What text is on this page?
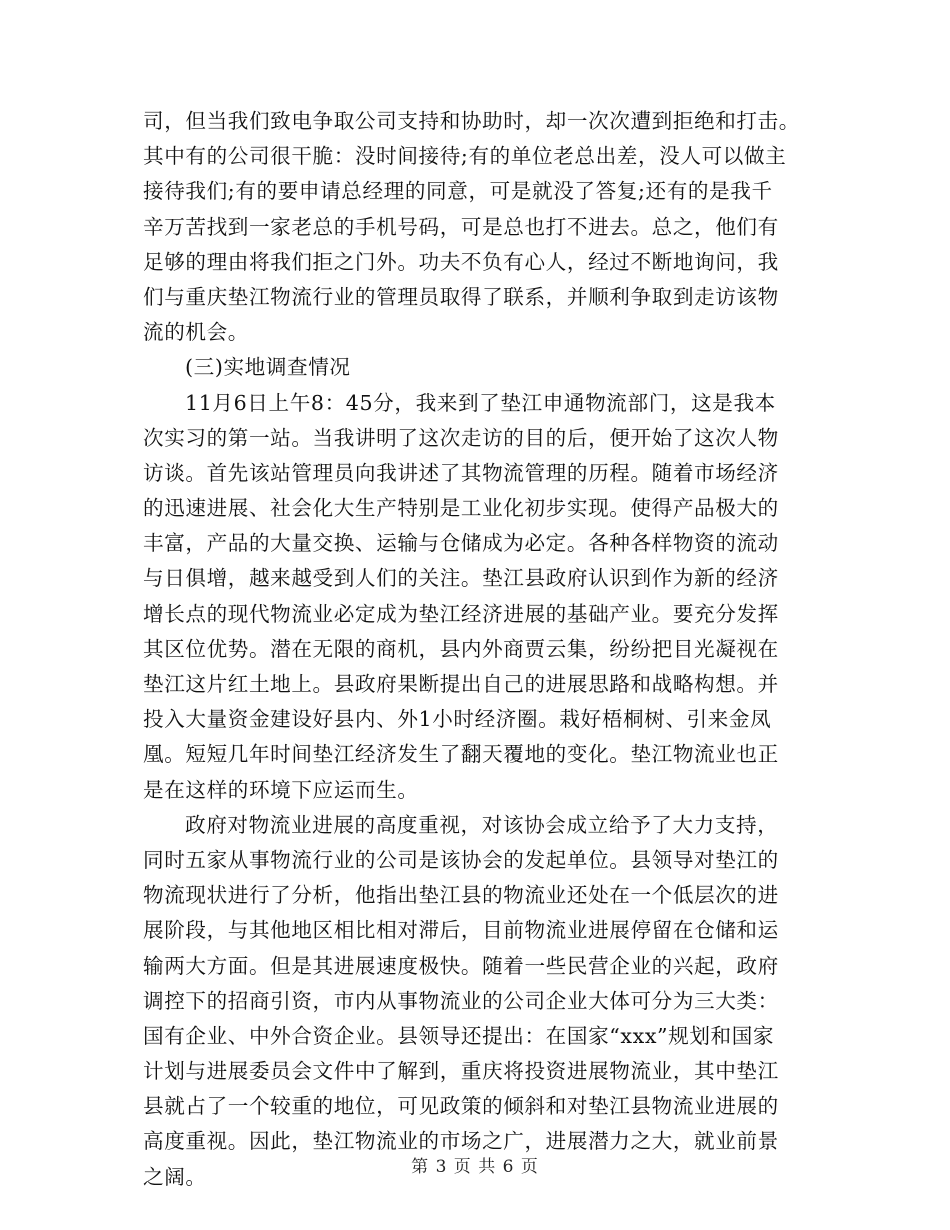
司，但当我们致电争取公司支持和协助时，却一次次遭到拒绝和打击。
其中有的公司很干脆：没时间接待;有的单位老总出差，没人可以做主
接待我们;有的要申请总经理的同意，可是就没了答复;还有的是我千
辛万苦找到一家老总的手机号码，可是总也打不进去。总之，他们有
足够的理由将我们拒之门外。功夫不负有心人，经过不断地询问，我
们与重庆垫江物流行业的管理员取得了联系，并顺利争取到走访该物
流的机会。
(三)实地调查情况
11月6日上午8：45分，我来到了垫江申通物流部门，这是我本
次实习的第一站。当我讲明了这次走访的目的后，便开始了这次人物
访谈。首先该站管理员向我讲述了其物流管理的历程。随着市场经济
的迅速进展、社会化大生产特别是工业化初步实现。使得产品极大的
丰富，产品的大量交换、运输与仓储成为必定。各种各样物资的流动
与日俱增，越来越受到人们的关注。垫江县政府认识到作为新的经济
增长点的现代物流业必定成为垫江经济进展的基础产业。要充分发挥
其区位优势。潜在无限的商机，县内外商贾云集，纷纷把目光凝视在
垫江这片红土地上。县政府果断提出自己的进展思路和战略构想。并
投入大量资金建设好县内、外1小时经济圈。栽好梧桐树、引来金凤
凰。短短几年时间垫江经济发生了翻天覆地的变化。垫江物流业也正
是在这样的环境下应运而生。
政府对物流业进展的高度重视，对该协会成立给予了大力支持，
同时五家从事物流行业的公司是该协会的发起单位。县领导对垫江的
物流现状进行了分析，他指出垫江县的物流业还处在一个低层次的进
展阶段，与其他地区相比相对滞后，目前物流业进展停留在仓储和运
输两大方面。但是其进展速度极快。随着一些民营企业的兴起，政府
调控下的招商引资，市内从事物流业的公司企业大体可分为三大类：
国有企业、中外合资企业。县领导还提出：在国家“xxx”规划和国家
计划与进展委员会文件中了解到，重庆将投资进展物流业，其中垫江
县就占了一个较重的地位，可见政策的倾斜和对垫江县物流业进展的
高度重视。因此，垫江物流业的市场之广，进展潜力之大，就业前景
之阔。	第 3 页 共 6 页
